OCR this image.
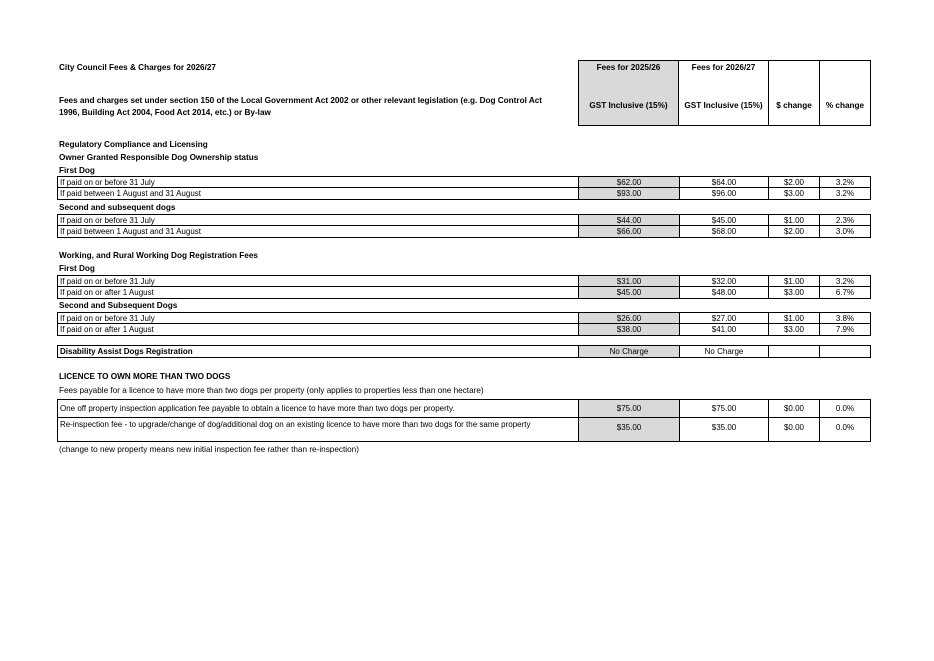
City Council Fees & Charges for 2026/27
Fees and charges set under section 150 of the Local Government Act 2002 or other relevant legislation (e.g. Dog Control Act
1996, Building Act 2004, Food Act 2014, etc.) or By-law
Fees for 2025/26	Fees for 2026/27
GST Inclusive (15%)	GST Inclusive (15%)	$ change	% change
Regulatory Compliance and Licensing
Owner Granted Responsible Dog Ownership status
First Dog
If paid on or before 31 July	$62.00	$64.00	$2.00	3.2%
If paid between 1 August and 31 August	$93.00	$96.00	$3.00	3.2%
Second and subsequent dogs
If paid on or before 31 July	$44.00	$45.00	$1.00	2.3%
If paid between 1 August and 31 August	$66.00	$68.00	$2.00	3.0%
Working, and Rural Working Dog Registration Fees
First Dog
If paid on or before 31 July	$31.00	$32.00	$1.00	3.2%
If paid on or after 1 August	$45.00	$48.00	$3.00	6.7%
Second and Subsequent Dogs
If paid on or before 31 July	$26.00	$27.00	$1.00	3.8%
If paid on or after 1 August	$38.00	$41.00	$3.00	7.9%
Disability Assist Dogs Registration	No Charge	No Charge
LICENCE TO OWN MORE THAN TWO DOGS
Fees payable for a licence to have more than two dogs per property (only applies to properties less than one hectare)
One off property inspection application fee payable to obtain a licence to have more than two dogs per property.	$75.00	$75.00	$0.00	0.0%
Re-inspection fee - to upgrade/change of dog/additional dog on an existing licence to have more than two dogs for the same property	$35.00	$35.00	$0.00	0.0%
(change to new property means new initial inspection fee rather than re-inspection)
